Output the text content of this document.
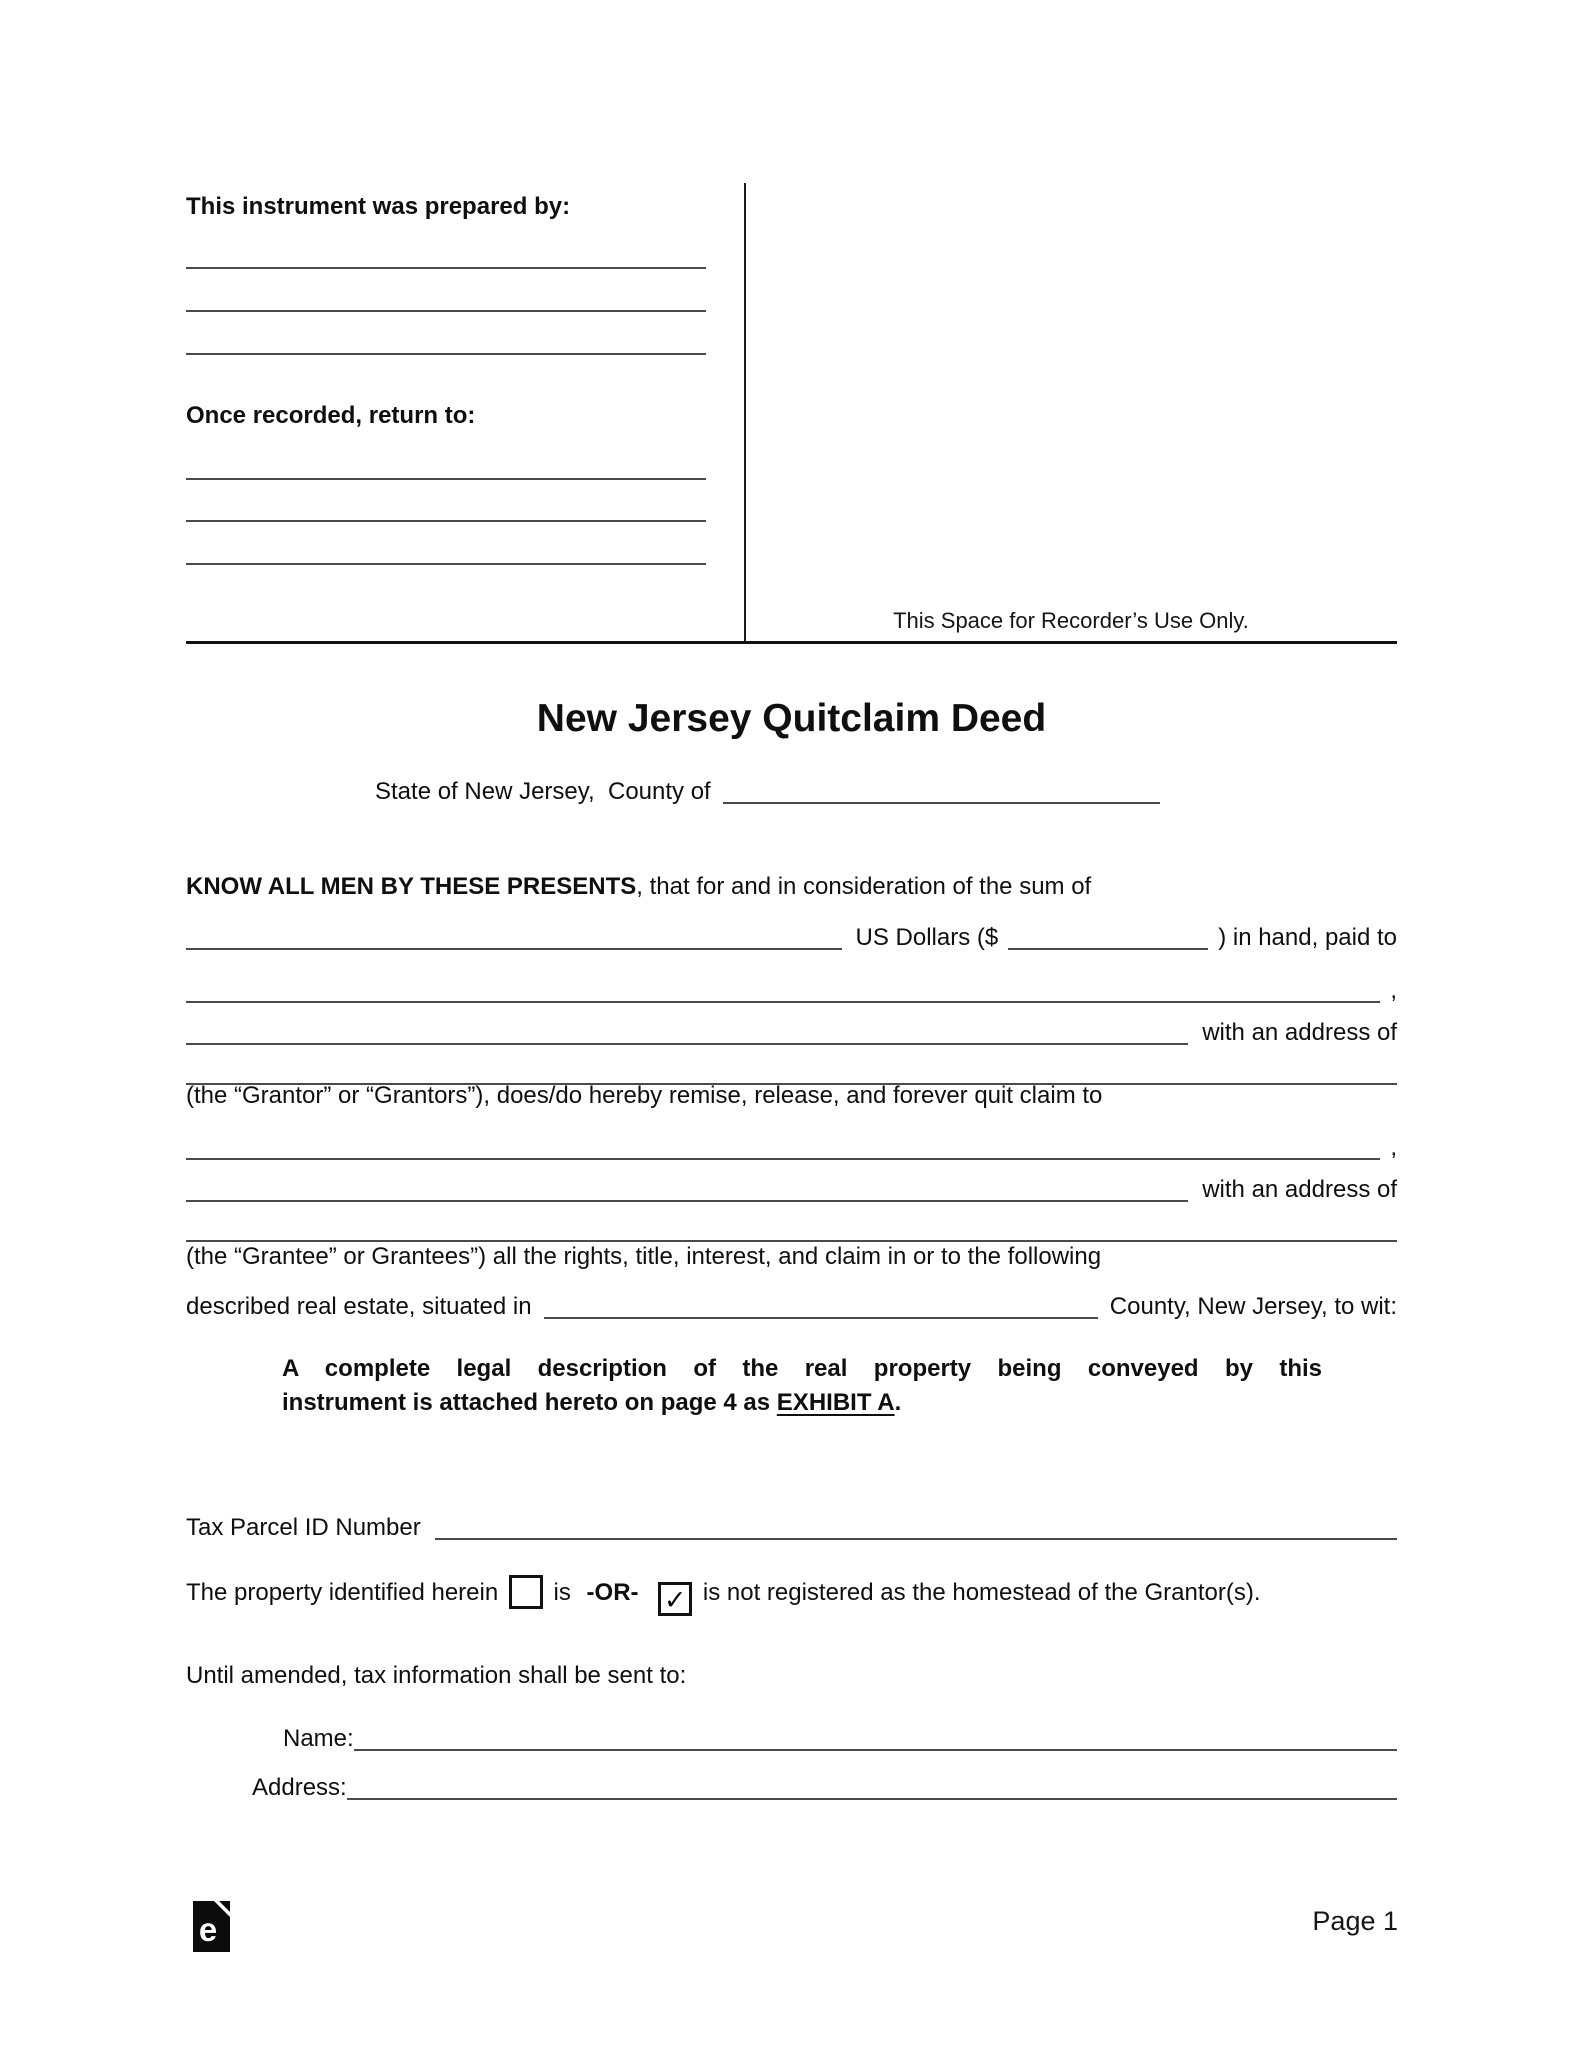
This instrument was prepared by:
Once recorded, return to:
This Space for Recorder’s Use Only.
New Jersey Quitclaim Deed
State of New Jersey,  County of
KNOW ALL MEN BY THESE PRESENTS , that for and in consideration of the sum of
US Dollars ($	) in hand, paid to
,
with an address of
(the “Grantor” or “Grantors”), does/do hereby remise, release, and forever quit claim to
,
with an address of
(the “Grantee” or Grantees”) all the rights, title, interest, and claim in or to the following
described real estate, situated in	County, New Jersey, to wit:
A complete legal description of the real property being conveyed by this
instrument is attached hereto on page 4 as EXHIBIT A.
Tax Parcel ID Number
The property identified herein is -OR- ✓ is not registered as the homestead of the Grantor(s).
Until amended, tax information shall be sent to:
Name:
Address:
e	Page 1
